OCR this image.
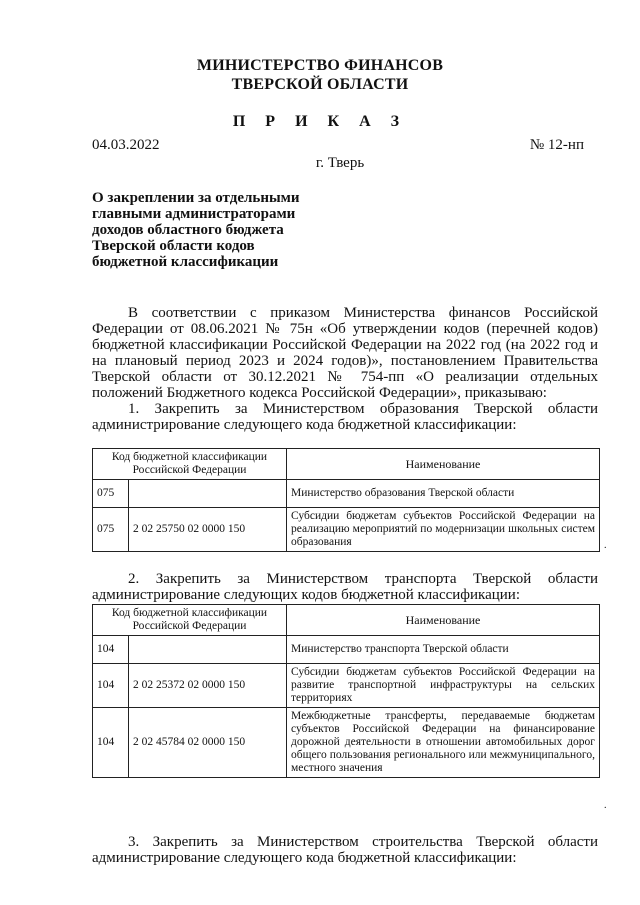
МИНИСТЕРСТВО ФИНАНСОВ
ТВЕРСКОЙ ОБЛАСТИ
П Р И К А З
04.03.2022	№ 12-нп
г. Тверь
О закреплении за отдельными
главными администраторами
доходов областного бюджета
Тверской области кодов
бюджетной классификации

В соответствии с приказом Министерства финансов Российской Федерации от 08.06.2021 № 75н «Об утверждении кодов (перечней кодов) бюджетной классификации Российской Федерации на 2022 год (на 2022 год и на плановый период 2023 и 2024 годов)», постановлением Правительства Тверской области от 30.12.2021 № 754-пп «О реализации отдельных положений Бюджетного кодекса Российской Федерации», приказываю:

1. Закрепить за Министерством образования Тверской области

администрирование следующего кода бюджетной классификации:

Код бюджетной классификации Российской Федерации		Наименование
075		Министерство образования Тверской области
075	2 02 25750 02 0000 150	Субсидии бюджетам субъектов Российской Федерации на реализацию мероприятий по модернизации школьных систем образования	.

2. Закрепить за Министерством транспорта Тверской области

администрирование следующих кодов бюджетной классификации:

Код бюджетной классификации Российской Федерации		Наименование
104		Министерство транспорта Тверской области
104	2 02 25372 02 0000 150	Субсидии бюджетам субъектов Российской Федерации на развитие транспортной инфраструктуры на сельских территориях
104	2 02 45784 02 0000 150	Межбюджетные трансферты, передаваемые бюджетам субъектов Российской Федерации на финансирование дорожной деятельности в отношении автомобильных дорог общего пользования регионального или межмуниципального, местного значения
.

3. Закрепить за Министерством строительства Тверской области

администрирование следующего кода бюджетной классификации:
